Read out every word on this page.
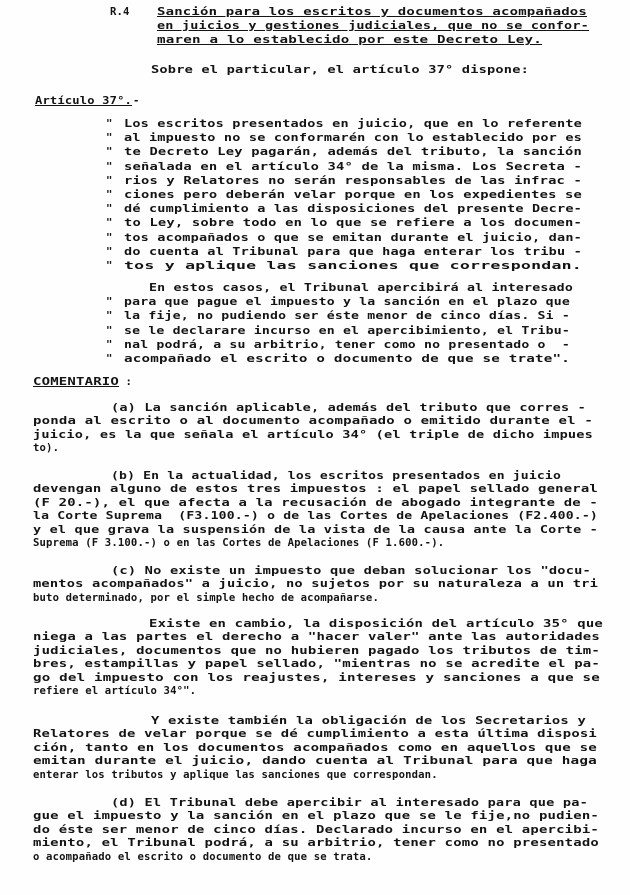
R.4	Sanción para los escritos y documentos acompañados
en juicios y gestiones judiciales, que no se confor-
maren a lo establecido por este Decreto Ley.
Sobre el particular, el artículo 37° dispone:
Artículo 37°. -
" Los escritos presentados en juicio, que en lo referente
" al impuesto no se conformarén con lo establecido por es
" te Decreto Ley pagarán, además del tributo, la sanción
" señalada en el artículo 34° de la misma. Los Secreta -
" rios y Relatores no serán responsables de las infrac -
" ciones pero deberán velar porque en los expedientes se
" dé cumplimiento a las disposiciones del presente Decre-
" to Ley, sobre todo en lo que se refiere a los documen-
" tos acompañados o que se emitan durante el juicio, dan-
" do cuenta al Tribunal para que haga enterar los tribu -
" tos y aplique las sanciones que correspondan.
En estos casos, el Tribunal apercibirá al interesado
" para que pague el impuesto y la sanción en el plazo que
" la fije, no pudiendo ser éste menor de cinco días. Si -
" se le declarare incurso en el apercibimiento, el Tribu-
" nal podrá, a su arbitrio, tener como no presentado o  -
" acompañado el escrito o documento de que se trate".
COMENTARIO :
(a) La sanción aplicable, además del tributo que corres -
ponda al escrito o al documento acompañado o emitido durante el -
juicio, es la que señala el artículo 34° (el triple de dicho impues
to).
(b) En la actualidad, los escritos presentados en juicio
devengan alguno de estos tres impuestos : el papel sellado general
(F 20.-), el que afecta a la recusación de abogado integrante de -
la Corte Suprema  (F3.100.-) o de las Cortes de Apelaciones (F2.400.-)
y el que grava la suspensión de la vista de la causa ante la Corte -
Suprema (F 3.100.-) o en las Cortes de Apelaciones (F 1.600.-).
(c) No existe un impuesto que deban solucionar los "docu-
mentos acompañados" a juicio, no sujetos por su naturaleza a un tri
buto determinado, por el simple hecho de acompañarse.
Existe en cambio, la disposición del artículo 35° que
niega a las partes el derecho a "hacer valer" ante las autoridades
judiciales, documentos que no hubieren pagado los tributos de tim-
bres, estampillas y papel sellado, "mientras no se acredite el pa-
go del impuesto con los reajustes, intereses y sanciones a que se
refiere el artículo 34°".
Y existe también la obligación de los Secretarios y
Relatores de velar porque se dé cumplimiento a esta última disposi
ción, tanto en los documentos acompañados como en aquellos que se
emitan durante el juicio, dando cuenta al Tribunal para que haga
enterar los tributos y aplique las sanciones que correspondan.
(d) El Tribunal debe apercibir al interesado para que pa-
gue el impuesto y la sanción en el plazo que se le fije,no pudien-
do éste ser menor de cinco días. Declarado incurso en el apercibi-
miento, el Tribunal podrá, a su arbitrio, tener como no presentado
o acompañado el escrito o documento de que se trata.
